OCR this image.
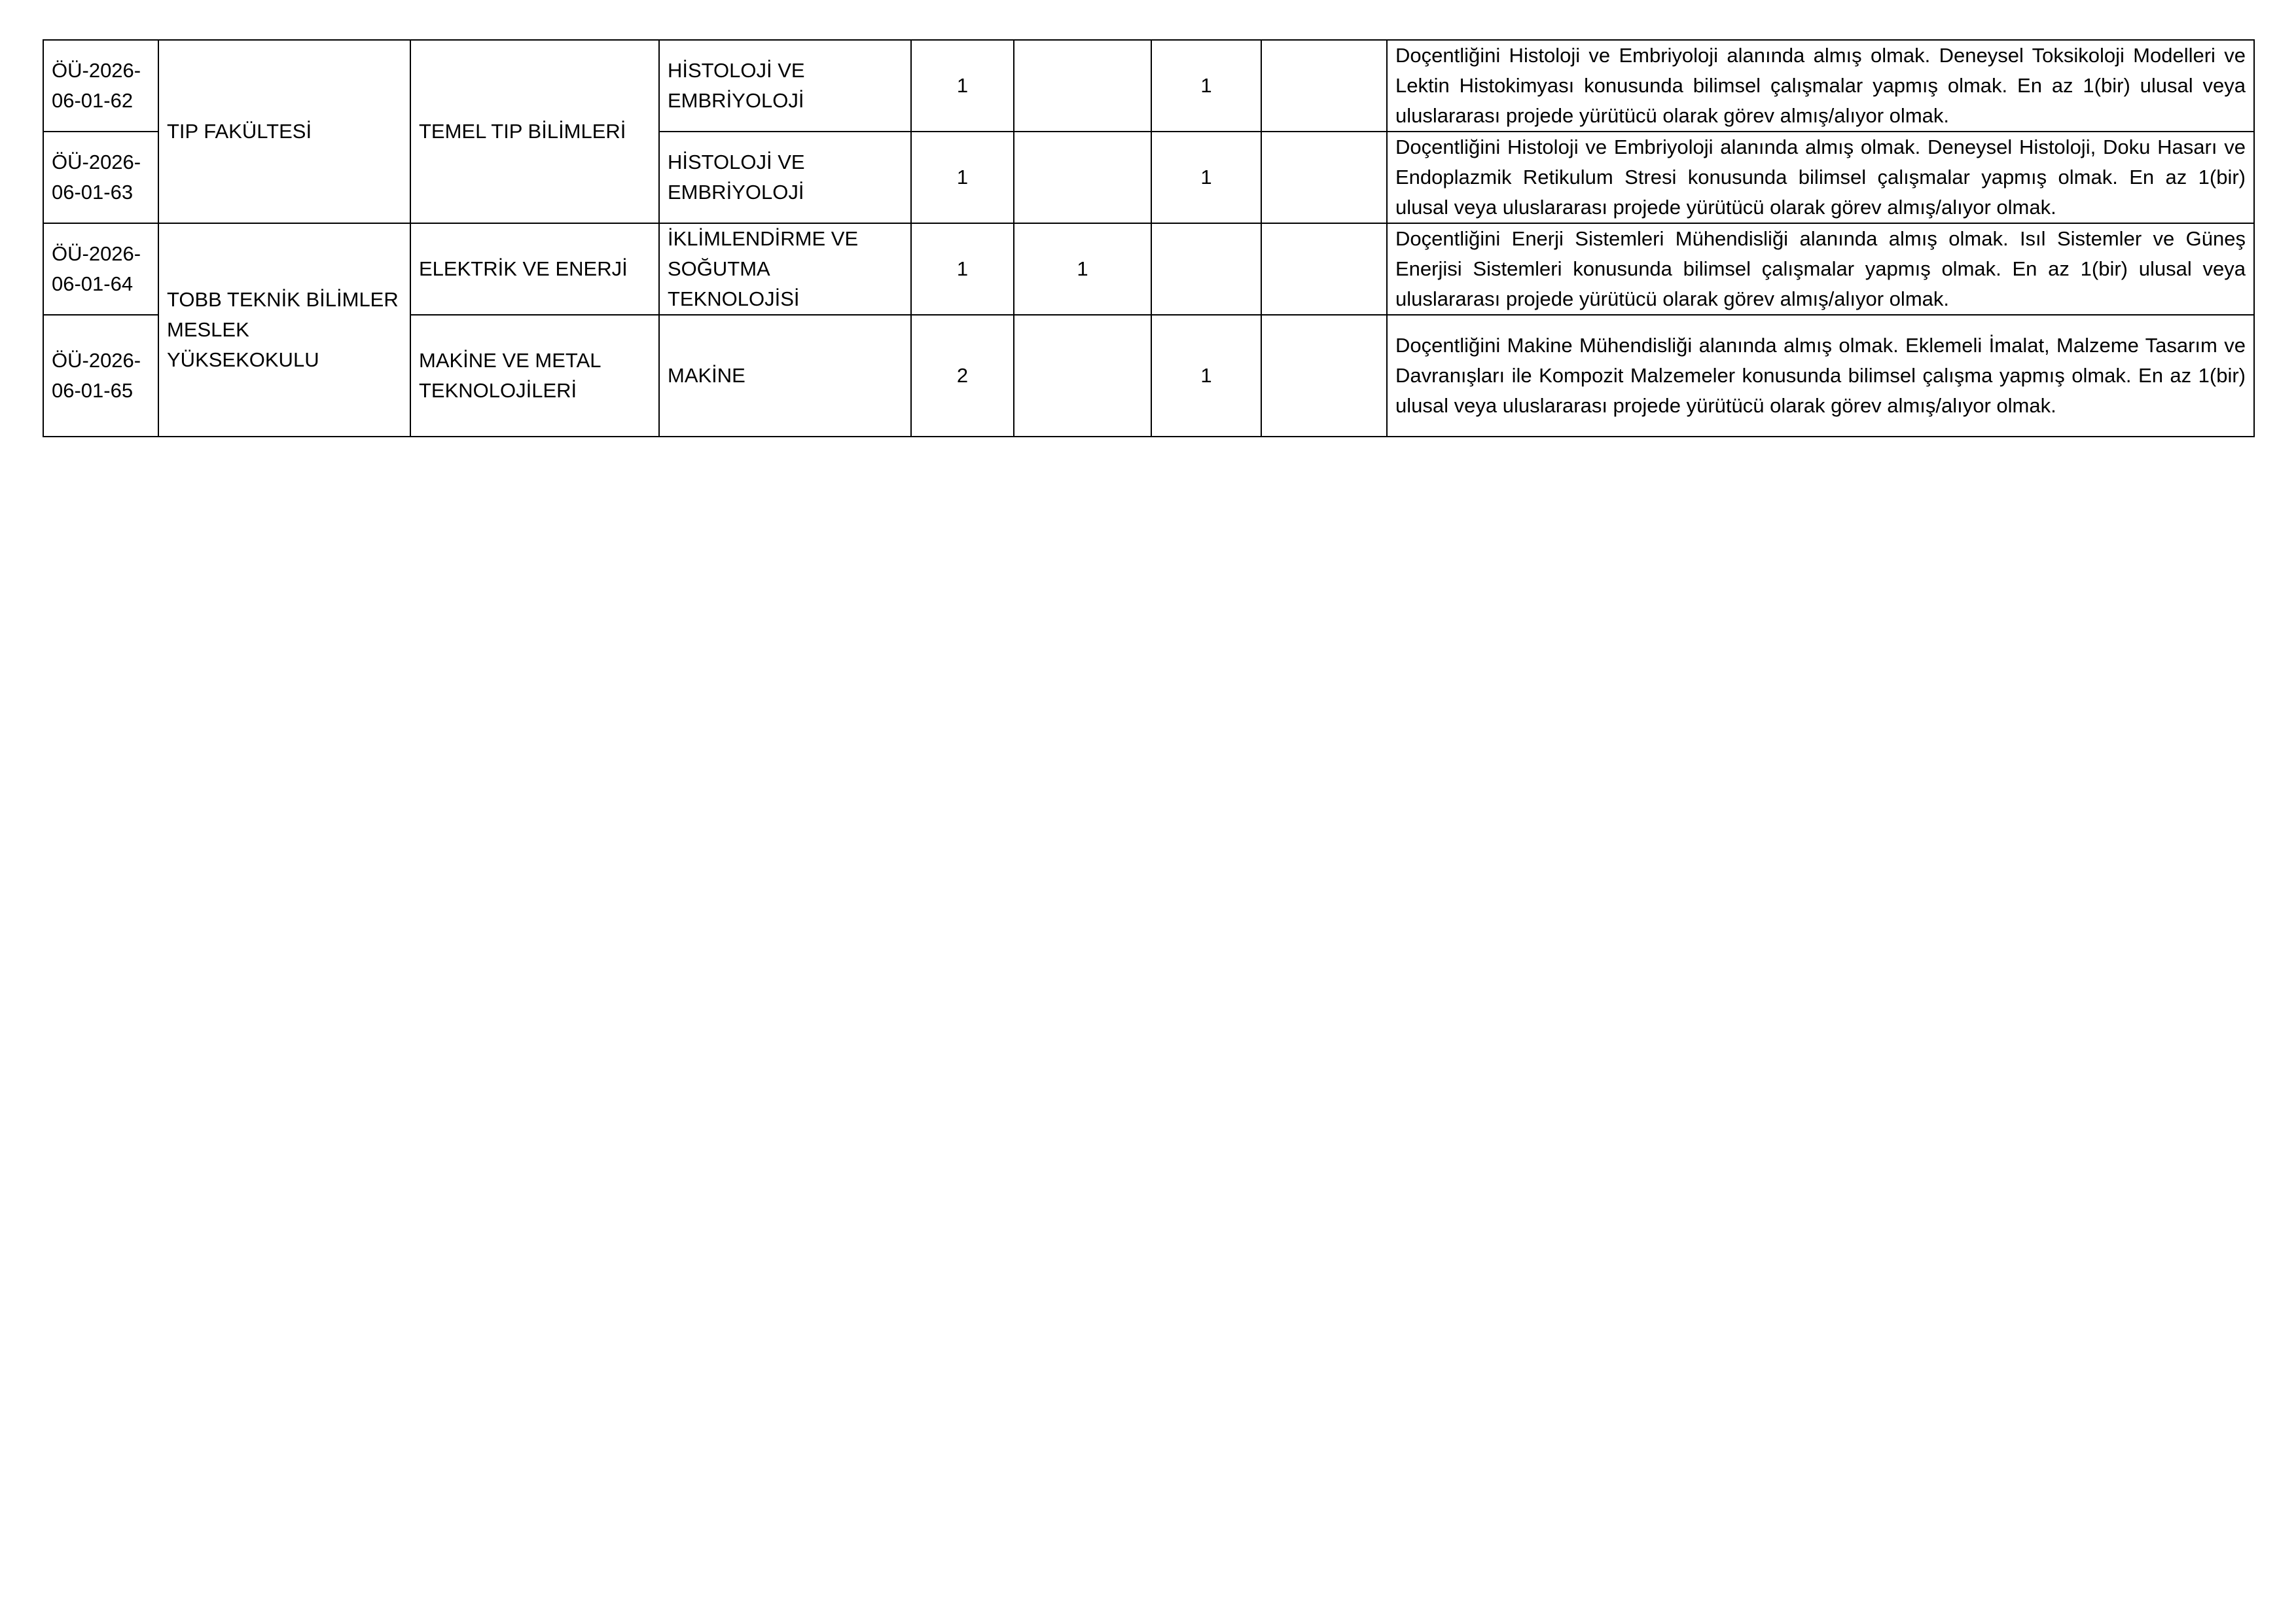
ÖÜ-2026-06-01-62	TIP FAKÜLTESİ	TEMEL TIP BİLİMLERİ	HİSTOLOJİ VE EMBRİYOLOJİ	1		1		Doçentliğini Histoloji ve Embriyoloji alanında almış olmak. Deneysel Toksikoloji Modelleri ve Lektin Histokimyası konusunda bilimsel çalışmalar yapmış olmak. En az 1(bir) ulusal veya uluslararası projede yürütücü olarak görev almış/alıyor olmak.
ÖÜ-2026-06-01-63			HİSTOLOJİ VE EMBRİYOLOJİ	1		1		Doçentliğini Histoloji ve Embriyoloji alanında almış olmak. Deneysel Histoloji, Doku Hasarı ve Endoplazmik Retikulum Stresi konusunda bilimsel çalışmalar yapmış olmak. En az 1(bir) ulusal veya uluslararası projede yürütücü olarak görev almış/alıyor olmak.
ÖÜ-2026-06-01-64	TOBB TEKNİK BİLİMLER MESLEK YÜKSEKOKULU	ELEKTRİK VE ENERJİ	İKLİMLENDİRME VE SOĞUTMA TEKNOLOJİSİ	1	1			Doçentliğini Enerji Sistemleri Mühendisliği alanında almış olmak. Isıl Sistemler ve Güneş Enerjisi Sistemleri konusunda bilimsel çalışmalar yapmış olmak. En az 1(bir) ulusal veya uluslararası projede yürütücü olarak görev almış/alıyor olmak.
ÖÜ-2026-06-01-65		MAKİNE VE METAL TEKNOLOJİLERİ	MAKİNE	2		1		Doçentliğini Makine Mühendisliği alanında almış olmak. Eklemeli İmalat, Malzeme Tasarım ve Davranışları ile Kompozit Malzemeler konusunda bilimsel çalışma yapmış olmak. En az 1(bir) ulusal veya uluslararası projede yürütücü olarak görev almış/alıyor olmak.
